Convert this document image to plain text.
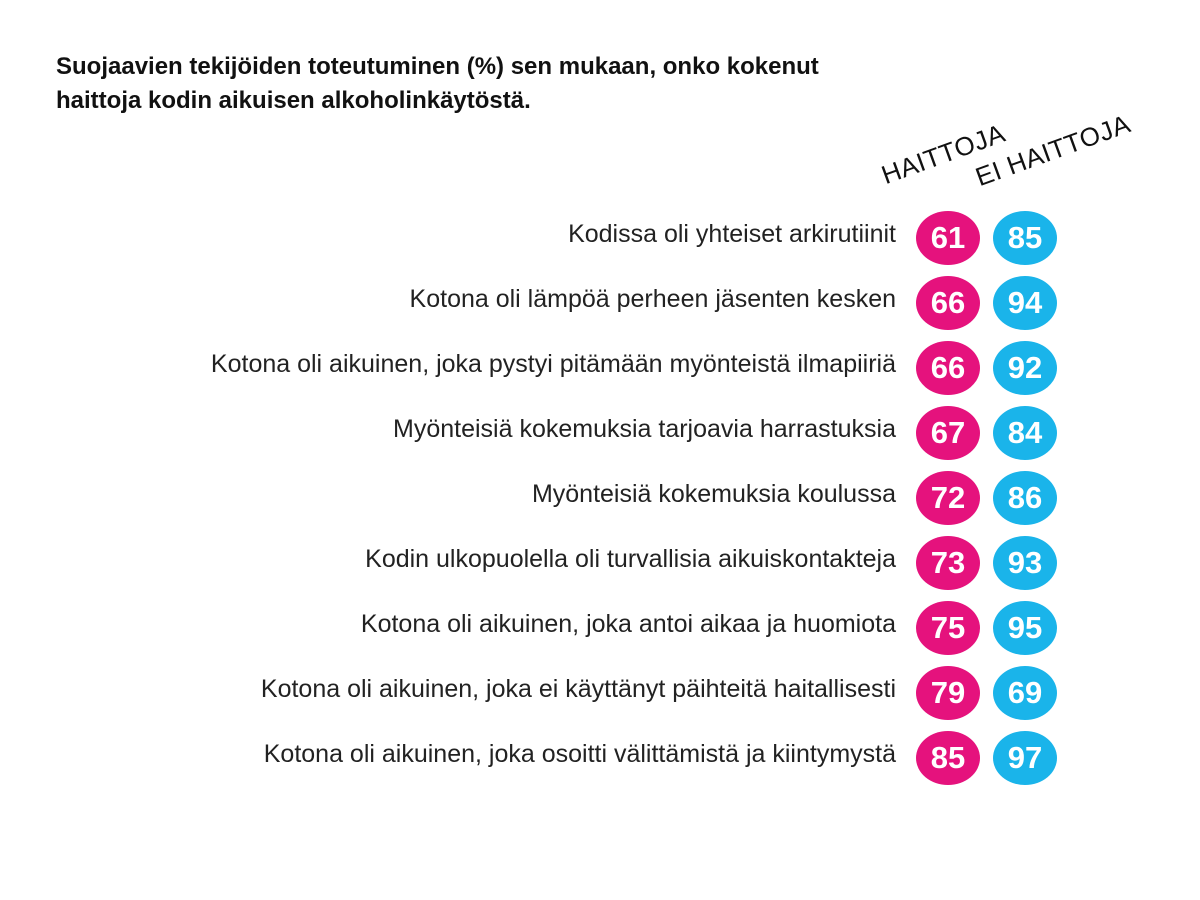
Suojaavien tekijöiden toteutuminen (%) sen mukaan, onko kokenut
haittoja kodin aikuisen alkoholinkäytöstä.
HAITTOJA
EI HAITTOJA
Kodissa oli yhteiset arkirutiinit	61	85
Kotona oli lämpöä perheen jäsenten kesken	66	94
Kotona oli aikuinen, joka pystyi pitämään myönteistä ilmapiiriä	66	92
Myönteisiä kokemuksia tarjoavia harrastuksia	67	84
Myönteisiä kokemuksia koulussa	72	86
Kodin ulkopuolella oli turvallisia aikuiskontakteja	73	93
Kotona oli aikuinen, joka antoi aikaa ja huomiota	75	95
Kotona oli aikuinen, joka ei käyttänyt päihteitä haitallisesti	79	69
Kotona oli aikuinen, joka osoitti välittämistä ja kiintymystä	85	97
